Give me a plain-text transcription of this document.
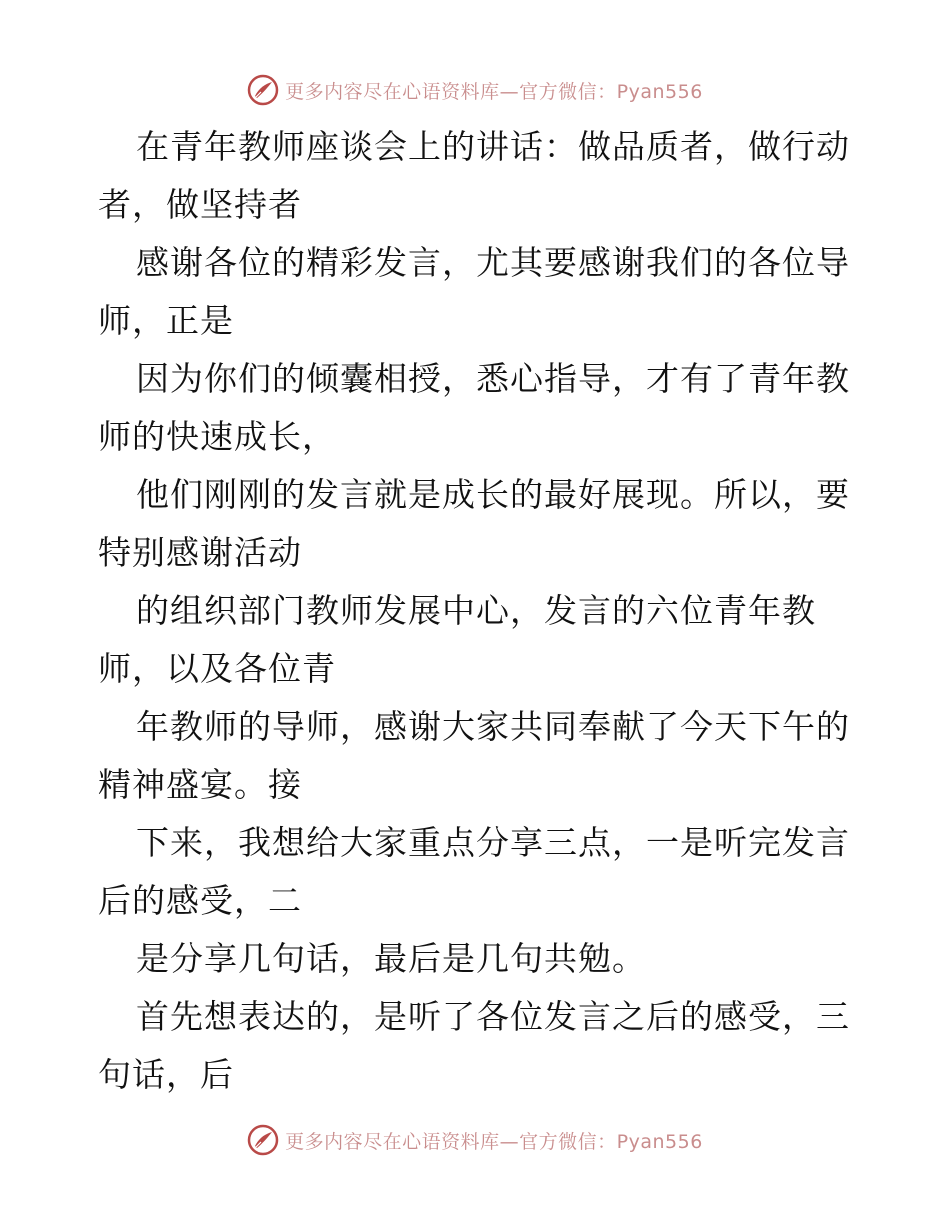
更多内容尽在心语资料库—官方微信：Pyan556

在青年教师座谈会上的讲话：做品质者，做行动者，做坚持者

感谢各位的精彩发言，尤其要感谢我们的各位导师，正是

因为你们的倾囊相授，悉心指导，才有了青年教师的快速成长，

他们刚刚的发言就是成长的最好展现。所以，要特别感谢活动

的组织部门教师发展中心，发言的六位青年教师，以及各位青

年教师的导师，感谢大家共同奉献了今天下午的精神盛宴。接

下来，我想给大家重点分享三点，一是听完发言后的感受，二

是分享几句话，最后是几句共勉。

首先想表达的，是听了各位发言之后的感受，三句话，后

更多内容尽在心语资料库—官方微信：Pyan556
